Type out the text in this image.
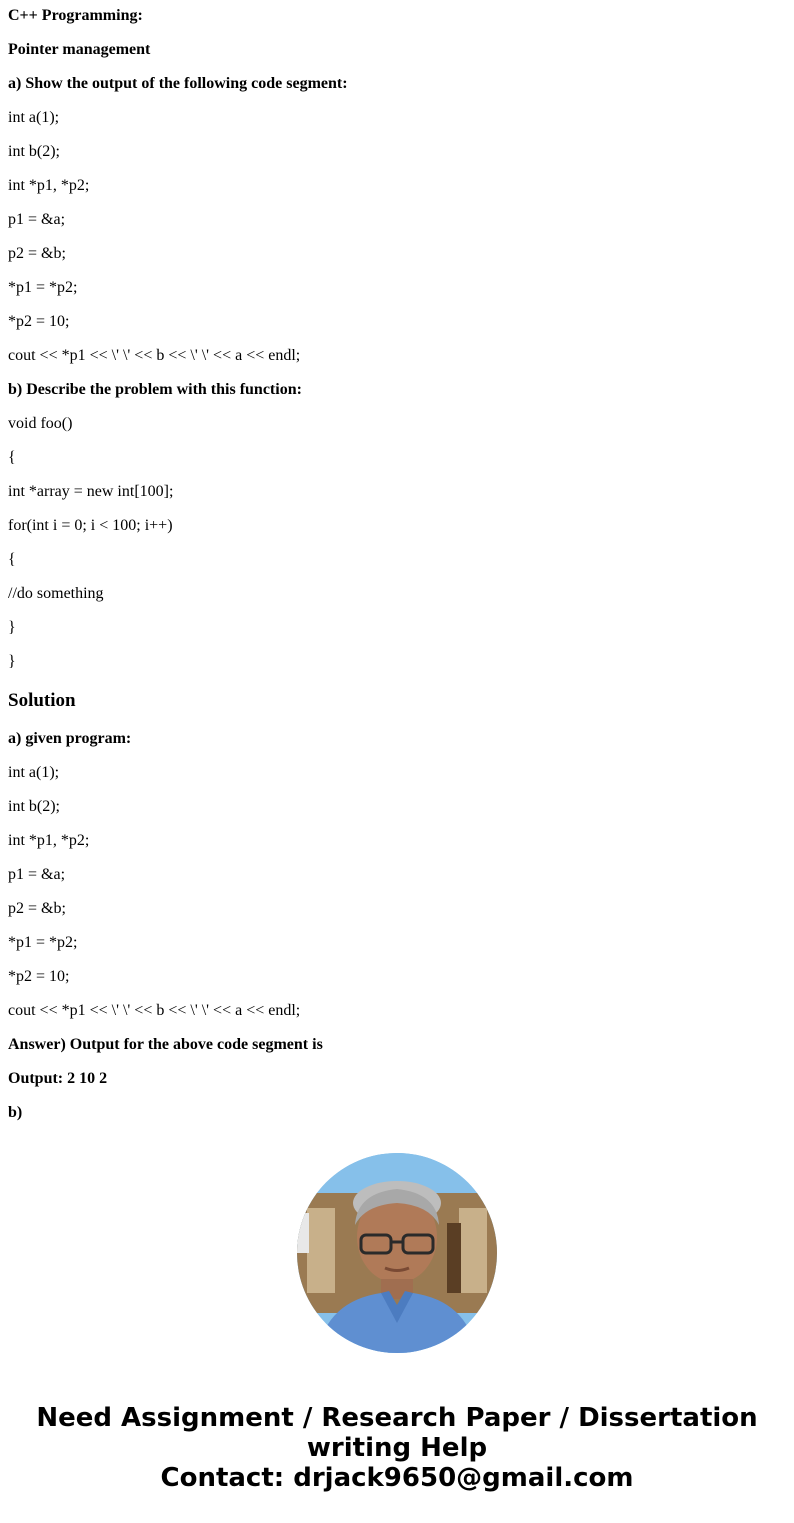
C++ Programming:
Pointer management
a) Show the output of the following code segment:
int a(1);
int b(2);
int *p1, *p2;
p1 = &a;
p2 = &b;
*p1 = *p2;
*p2 = 10;
cout << *p1 << \' \' << b << \' \' << a << endl;
b) Describe the problem with this function:
void foo()
{
int *array = new int[100];
for(int i = 0; i < 100; i++)
{
//do something
}
}
Solution
a) given program:
int a(1);
int b(2);
int *p1, *p2;
p1 = &a;
p2 = &b;
*p1 = *p2;
*p2 = 10;
cout << *p1 << \' \' << b << \' \' << a << endl;
Answer) Output for the above code segment is
Output: 2 10 2
b)
Need Assignment / Research Paper / Dissertation
writing Help
Contact: drjack9650@gmail.com
